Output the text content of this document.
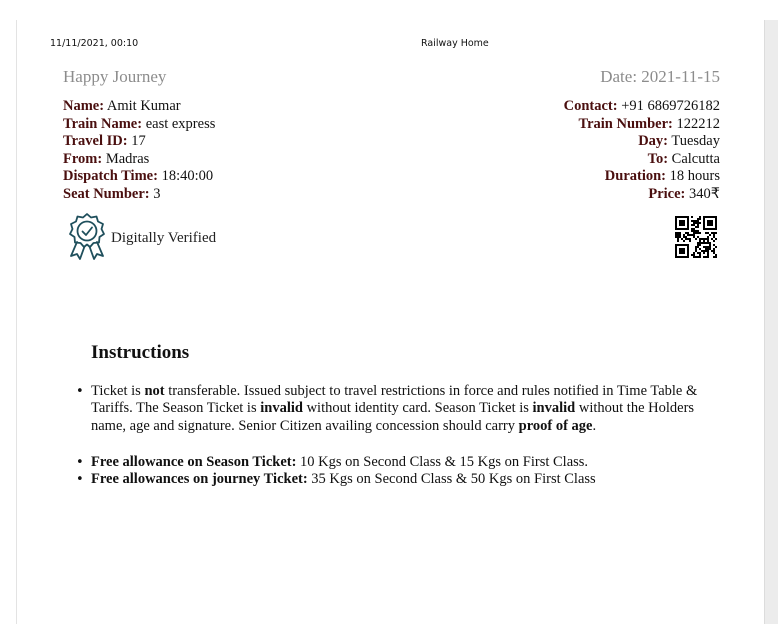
11/11/2021, 00:10	Railway Home
Happy Journey	Date: 2021-11-15
Name: Amit Kumar
Train Name: east express
Travel ID: 17
From: Madras
Dispatch Time: 18:40:00
Seat Number: 3
Contact: +91 6869726182
Train Number: 122212
Day: Tuesday
To: Calcutta
Duration: 18 hours
Price: 340₹
Digitally Verified
Instructions
• Ticket is not transferable. Issued subject to travel restrictions in force and rules notified in Time Table & Tariffs. The Season Ticket is invalid without identity card. Season Ticket is invalid without the Holders name, age and signature. Senior Citizen availing concession should carry proof of age.
• Free allowance on Season Ticket: 10 Kgs on Second Class & 15 Kgs on First Class.
• Free allowances on journey Ticket: 35 Kgs on Second Class & 50 Kgs on First Class
